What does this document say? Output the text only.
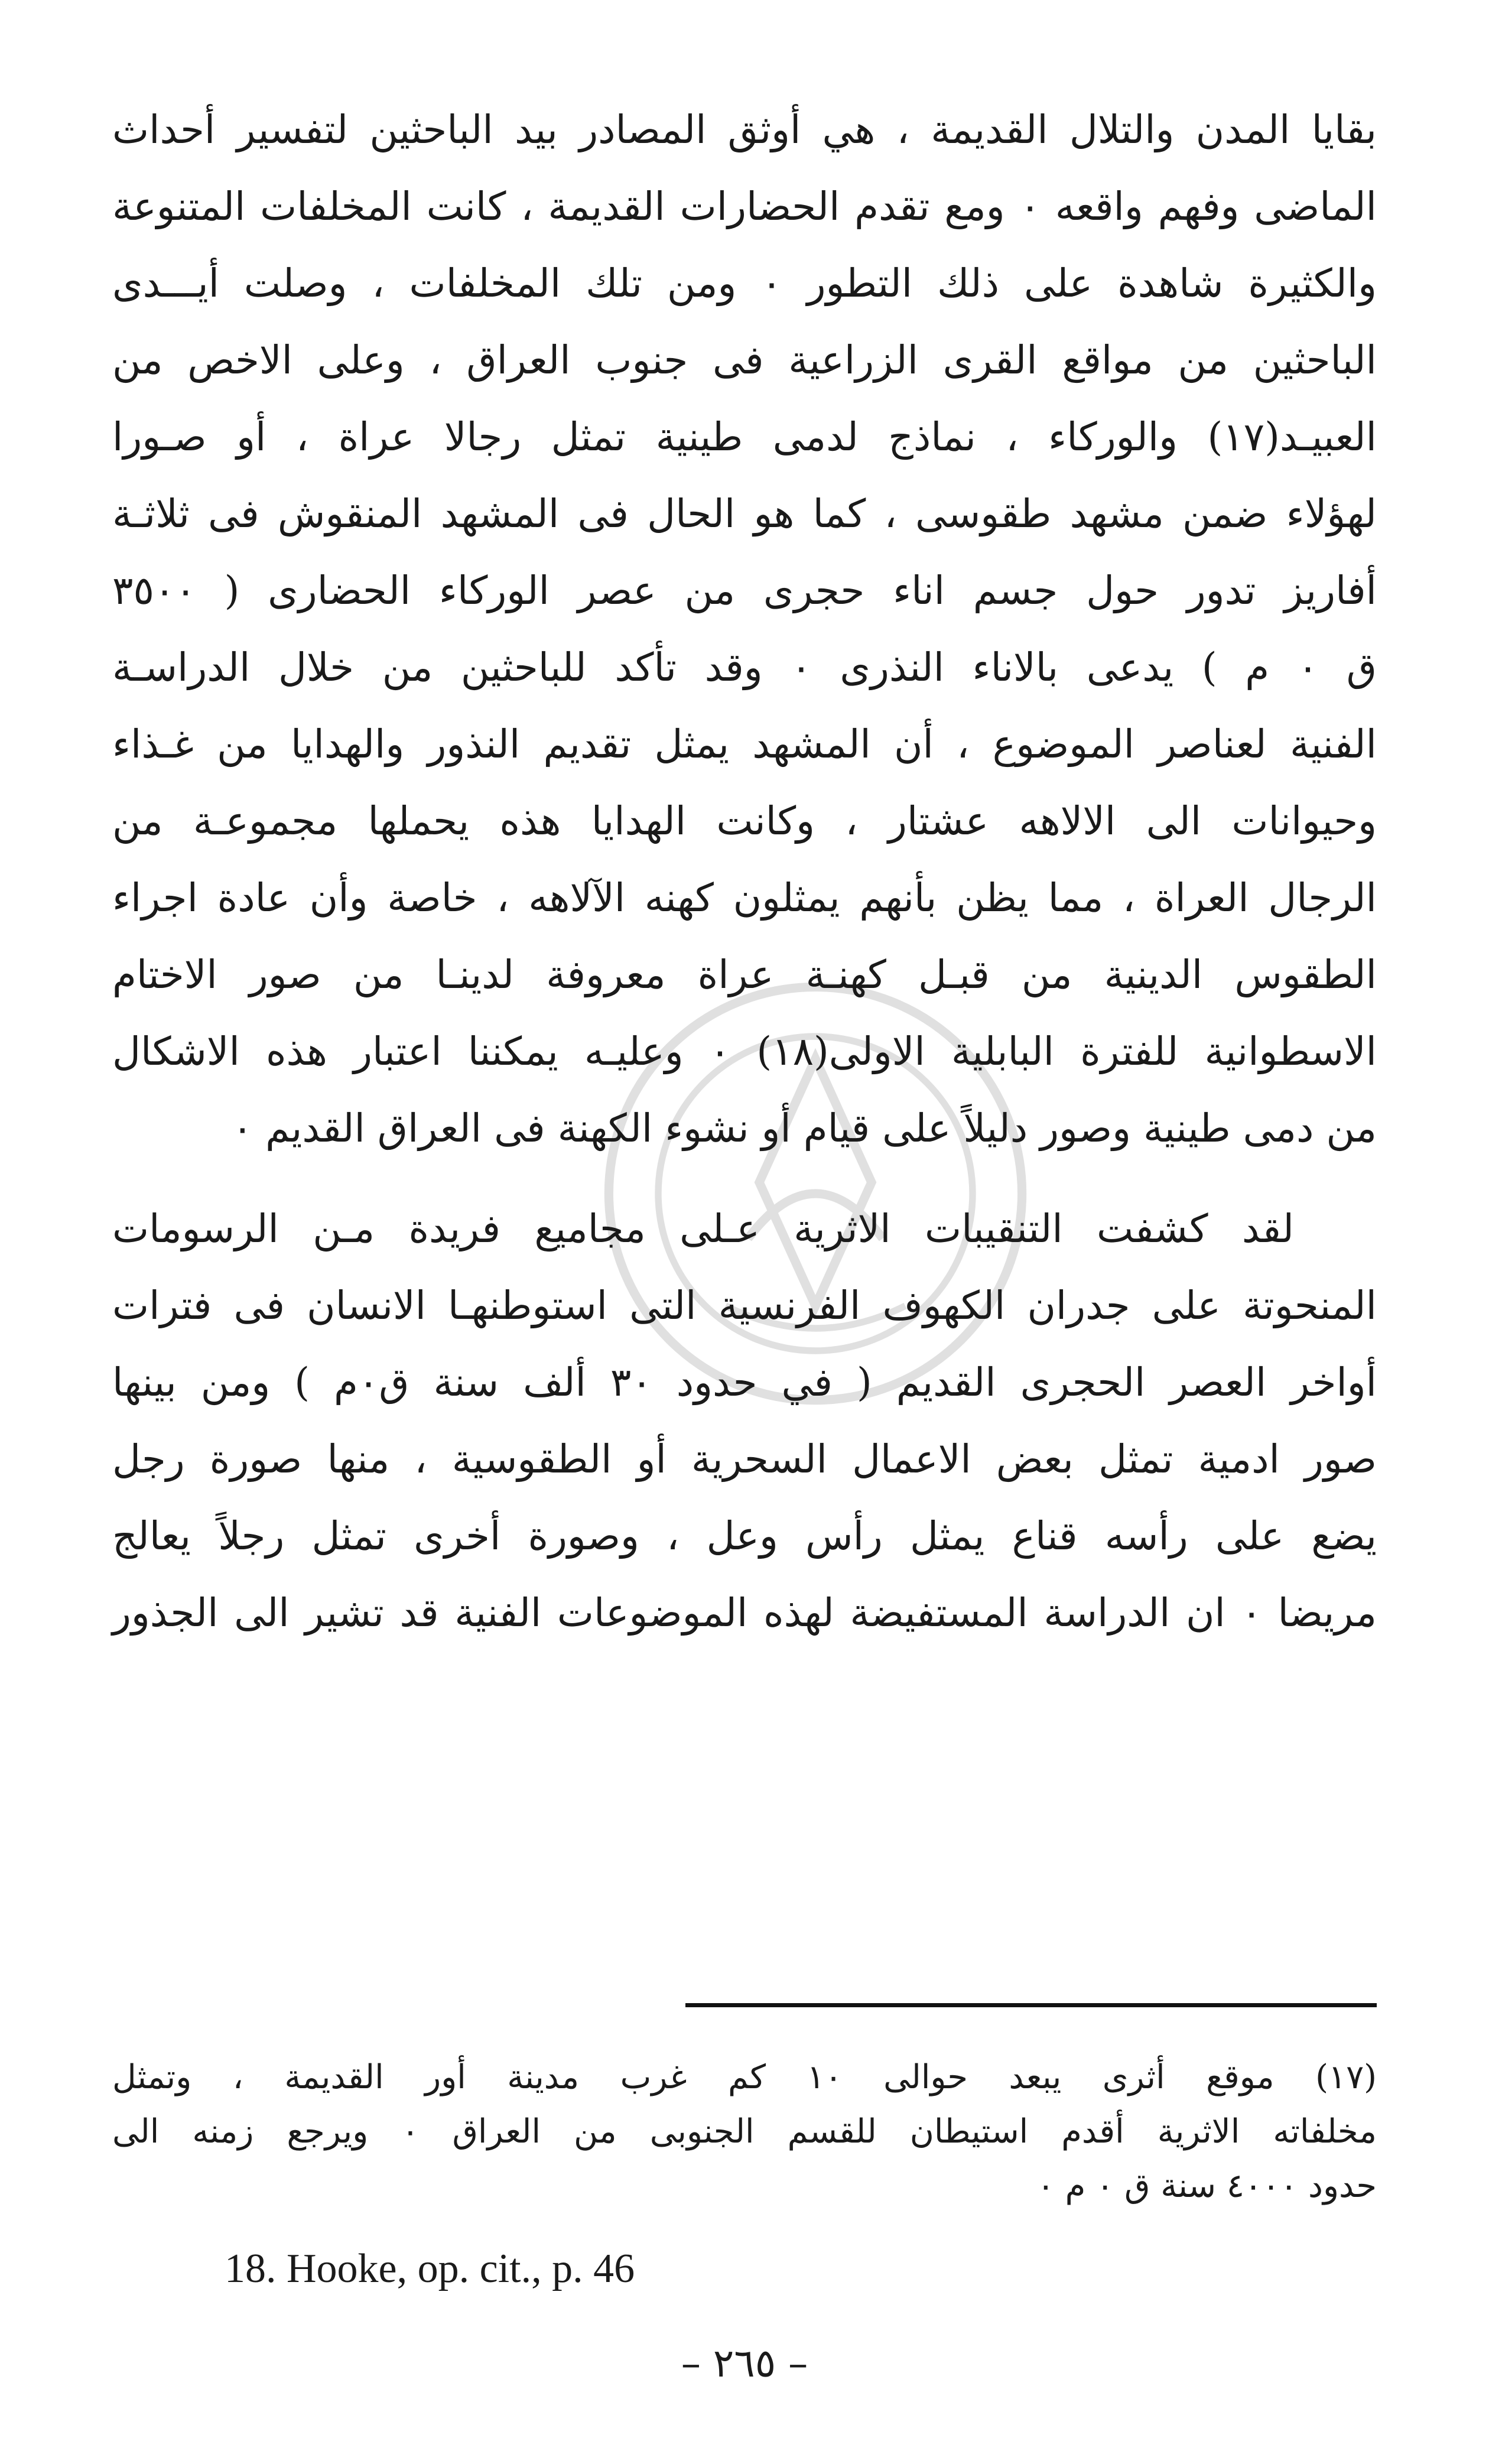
بقايا المدن والتلال القديمة ، هي أوثق المصادر بيد الباحثين لتفسير أحداث
الماضى وفهم واقعه ۰ ومع تقدم الحضارات القديمة ، كانت المخلفات المتنوعة
والكثيرة شاهدة على ذلك التطور ۰ ومن تلك المخلفات ، وصلت أيـــدى
الباحثين من مواقع القرى الزراعية فى جنوب العراق ، وعلى الاخص من
العبيـد(١٧) والوركاء ، نماذج لدمى طينية تمثل رجالا عراة ، أو صـورا
لهؤلاء ضمن مشهد طقوسى ، كما هو الحال فى المشهد المنقوش فى ثلاثـة
أفاريز تدور حول جسم اناء حجرى من عصر الوركاء الحضارى ( ٣٥٠٠
ق ۰ م ) يدعى بالاناء النذرى ۰ وقد تأكد للباحثين من خلال الدراسـة
الفنية لعناصر الموضوع ، أن المشهد يمثل تقديم النذور والهدايا من غـذاء
وحيوانات الى الالاهه عشتار ، وكانت الهدايا هذه يحملها مجموعـة من
الرجال العراة ، مما يظن بأنهم يمثلون كهنه الآلاهه ، خاصة وأن عادة اجراء
الطقوس الدينية من قبـل كهنـة عراة معروفة لدينـا من صور الاختام
الاسطوانية للفترة البابلية الاولى(١٨) ۰ وعليـه يمكننا اعتبار هذه الاشكال
من دمى طينية وصور دليلاً على قيام أو نشوء الكهنة فى العراق القديم ۰
لقد كشفت التنقيبات الاثرية عـلى مجاميع فريدة مـن الرسومات
المنحوتة على جدران الكهوف الفرنسية التى استوطنهـا الانسان فى فترات
أواخر العصر الحجرى القديم ( في حدود ٣٠ ألف سنة ق۰م ) ومن بينها
صور ادمية تمثل بعض الاعمال السحرية أو الطقوسية ، منها صورة رجل
يضع على رأسه قناع يمثل رأس وعل ، وصورة أخرى تمثل رجلاً يعالج
مريضا ۰ ان الدراسة المستفيضة لهذه الموضوعات الفنية قد تشير الى الجذور
(١٧) موقع أثرى يبعد حوالى ١٠ كم غرب مدينة أور القديمة ، وتمثل
مخلفاته الاثرية أقدم استيطان للقسم الجنوبى من العراق ۰ ويرجع زمنه الى
حدود ٤٠٠٠ سنة ق ۰ م ۰
18. Hooke, op. cit., p. 46
– ٢٦٥ –
